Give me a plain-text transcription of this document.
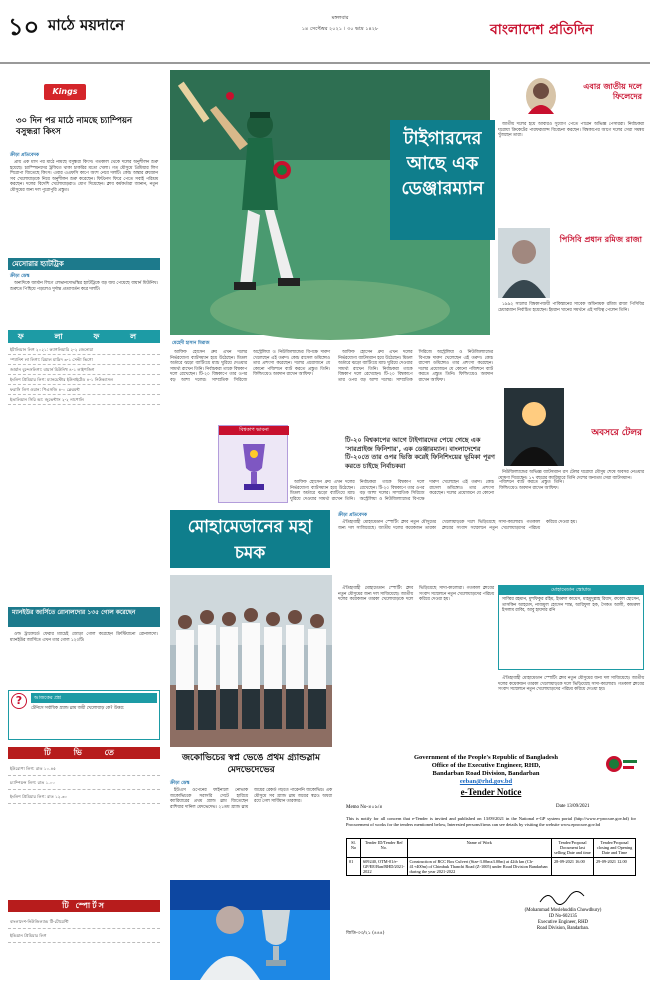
১০ মাঠে ময়দানে	মঙ্গলবার
১৪ সেপ্টেম্বর ২০২১ । ৩০ ভাদ্র ১৪২৮	বাংলাদেশ প্রতিদিন
Kings
৩০ দিন পর মাঠে নামছে চ্যাম্পিয়ন বসুন্ধরা কিংস
ক্রীড়া প্রতিবেদক

প্রায় এক মাস পর মাঠে নামছে বসুন্ধরা কিংস। গতকাল থেকে দলের অনুশীলন শুরু হয়েছে। চ্যাম্পিয়নদের ট্রফিতে থাকা চাকরির মতো খেলা। গত মৌসুমে প্রিমিয়ার লিগ শিরোপা জিতেছে কিংস। এবার এএফসি কাপে অংশ নেবে দলটি। কোচ অস্কার ব্রুজোন সব খেলোয়াড়কে নিয়ে অনুশীলন শুরু করেছেন। ফিটনেস ফিরে পেতে সবাই পরিশ্রম করছেন। দলের বিদেশি খেলোয়াড়রাও যোগ দিয়েছেন। ক্লাব কর্মকর্তারা জানান, নতুন মৌসুমের জন্য দল পুরোপুরি প্রস্তুত।

মেসোরার হ্যাটট্রিক
ক্রীড়া ডেস্ক

অন্যদিকে জার্মান লিগে লেভানদোভস্কির হ্যাটট্রিকে বড় জয় পেয়েছে বায়ার্ন মিউনিখ। শুরুতে পিছিয়ে পড়লেও দুর্দান্ত প্রত্যাবর্তন করে দলটি।

ফ লা ফ ল
ইটালিয়ান লিগ ২০২১: ক্যাগলিয়ারি ২-২ জেনোয়া
স্প্যানিশ লা লিগা: রিয়াল মাদ্রিদ ৩-১ সেল্টা ভিগো
জার্মান বুন্দেসলিগা: বায়ার্ন মিউনিখ ৪-১ লাইপজিগ
ইংলিশ প্রিমিয়ার লিগ: ম্যানচেস্টার ইউনাইটেড ৪-১ নিউক্যাসল
ফরাসি লিগ ওয়ান: পিএসজি ৪-০ ক্লেরমন্ট
ইতালিয়ান সিরি আ: জুভেন্টাস ২-২ নাপোলি
ম্যানইউর জার্সিতে রোনালদোর ১৩৫ গোল করেছেন

ওল্ড ট্রাফোর্ডে ফেরার ম্যাচেই জোড়া গোল করেছেন ক্রিস্টিয়ানো রোনালদো। ম্যানইউর জার্সিতে এখন তার গোল ১২০টি।

?	আজকের প্রশ্ন
টেনিসে সর্বাধিক গ্র্যান্ড স্লাম জয়ী খেলোয়াড় কে? উত্তর:
টি ভি তে
ইউরোপা লিগ: রাত ১০.৪৫
চ্যাম্পিয়ন্স লিগ: রাত ১.০০
ইংলিশ প্রিমিয়ার লিগ: রাত ১২.৩০
টি স্পোর্টস
বাংলাদেশ-নিউজিল্যান্ড টি-টোয়েন্টি
ইন্ডিয়ান প্রিমিয়ার লিগ
টাইগারদের আছে এক ডেঞ্জারম্যান
মেহেদী হাসান মিরাজ

আফিফ হোসেন ধ্রুব এখন দলের নির্ভরযোগ্য ব্যাটসম্যান হয়ে উঠেছেন। মিডল অর্ডারে ঝড়ো ব্যাটিংয়ে ম্যাচ ঘুরিয়ে দেওয়ার সামর্থ্য রাখেন তিনি। নির্বাচকরা তাকে বিশ্বকাপ দলে রেখেছেন। টি-২০ বিশ্বকাপে তার ওপর বড় আশা দলের। সাম্প্রতিক সিরিজে অস্ট্রেলিয়া ও নিউজিল্যান্ডের বিপক্ষে দারুণ খেলেছেন এই তরুণ। কোচ রাসেল ডমিঙ্গোও তার প্রশংসা করেছেন। দলের প্রয়োজনে যে কোনো পজিশনে ব্যাট করতে প্রস্তুত তিনি। ফিল্ডিংয়েও অবদান রাখেন আফিফ।

আফিফ হোসেন ধ্রুব এখন দলের নির্ভরযোগ্য ব্যাটসম্যান হয়ে উঠেছেন। মিডল অর্ডারে ঝড়ো ব্যাটিংয়ে ম্যাচ ঘুরিয়ে দেওয়ার সামর্থ্য রাখেন তিনি। নির্বাচকরা তাকে বিশ্বকাপ দলে রেখেছেন। টি-২০ বিশ্বকাপে তার ওপর বড় আশা দলের। সাম্প্রতিক সিরিজে অস্ট্রেলিয়া ও নিউজিল্যান্ডের বিপক্ষে দারুণ খেলেছেন এই তরুণ। কোচ রাসেল ডমিঙ্গোও তার প্রশংসা করেছেন। দলের প্রয়োজনে যে কোনো পজিশনে ব্যাট করতে প্রস্তুত তিনি। ফিল্ডিংয়েও অবদান রাখেন আফিফ।

বিশ্বকাপ ভাবনা
টি-২০ বিশ্বকাপের আগে টাইগারদের পেয়ে গেছে এক 'সারপ্রাইজ ফিনিশার', এক ডেঞ্জারম্যান। বাংলাদেশের টি-২০তে তার ওপর ভিত্তি করেই ফিনিশিংয়ের ভূমিকা পূরণ করতে চাইছে নির্বাচকরা

আফিফ হোসেন ধ্রুব এখন দলের নির্ভরযোগ্য ব্যাটসম্যান হয়ে উঠেছেন। মিডল অর্ডারে ঝড়ো ব্যাটিংয়ে ম্যাচ ঘুরিয়ে দেওয়ার সামর্থ্য রাখেন তিনি। নির্বাচকরা তাকে বিশ্বকাপ দলে রেখেছেন। টি-২০ বিশ্বকাপে তার ওপর বড় আশা দলের। সাম্প্রতিক সিরিজে অস্ট্রেলিয়া ও নিউজিল্যান্ডের বিপক্ষে দারুণ খেলেছেন এই তরুণ। কোচ রাসেল ডমিঙ্গোও তার প্রশংসা করেছেন। দলের প্রয়োজনে যে কোনো পজিশনে ব্যাট করতে প্রস্তুত তিনি। ফিল্ডিংয়েও অবদান রাখেন আফিফ।

এবার জাতীয় দলে ফিলেদের

জাতীয় দলের হয়ে আবারও সুযোগ পেতে পারেন অভিজ্ঞ পেসাররা। নির্বাচকরা ঘরোয়া ক্রিকেটের পারফরম্যান্স বিবেচনা করছেন। বিশ্বকাপের আগে দলের সেরা সমন্বয় খুঁজছেন তারা।

পিসিবি প্রধান রমিজ রাজা

১৯৯২ সালের বিশ্বকাপজয়ী পাকিস্তানের সাবেক অধিনায়ক রমিজ রাজা পিসিবির চেয়ারম্যান নির্বাচিত হয়েছেন। ইমরান খানের সমর্থনে এই দায়িত্ব পেলেন তিনি।

অবসরে টেলর

নিউজিল্যান্ডের অভিজ্ঞ ব্যাটসম্যান রস টেলর ঘরোয়া মৌসুম শেষে অবসর নেওয়ার ঘোষণা দিয়েছেন। ১৭ বছরের ক্যারিয়ারে তিনি দেশের অন্যতম সেরা ব্যাটসম্যান।

মোহামেডানের মহা চমক
ক্রীড়া প্রতিবেদক

ঐতিহ্যবাহী মোহামেডান স্পোর্টিং ক্লাব নতুন মৌসুমের জন্য দল সাজিয়েছে। জাতীয় দলের কয়েকজন তারকা খেলোয়াড়কে দলে ভিড়িয়েছে সাদা-কালোরা। গতকাল ক্লাবের সংবাদ সম্মেলনে নতুন খেলোয়াড়দের পরিচয় করিয়ে দেওয়া হয়।

ঐতিহ্যবাহী মোহামেডান স্পোর্টিং ক্লাব নতুন মৌসুমের জন্য দল সাজিয়েছে। জাতীয় দলের কয়েকজন তারকা খেলোয়াড়কে দলে ভিড়িয়েছে সাদা-কালোরা। গতকাল ক্লাবের সংবাদ সম্মেলনে নতুন খেলোয়াড়দের পরিচয় করিয়ে দেওয়া হয়।

মোহামেডান স্কোয়াড
সাব্বির রহমান, মুশফিকুর রহিম, ইমরুল কায়েস, মাহমুদুল্লাহ রিয়াদ, রুবেল হোসেন, তাসকিন আহমেদ, নাজমুল হোসেন শান্ত, আরিফুল হক, সৈকত আলী, কামরুল ইসলাম রাব্বি, আবু হায়দার রনি

ঐতিহ্যবাহী মোহামেডান স্পোর্টিং ক্লাব নতুন মৌসুমের জন্য দল সাজিয়েছে। জাতীয় দলের কয়েকজন তারকা খেলোয়াড়কে দলে ভিড়িয়েছে সাদা-কালোরা। গতকাল ক্লাবের সংবাদ সম্মেলনে নতুন খেলোয়াড়দের পরিচয় করিয়ে দেওয়া হয়।

জকোভিচের স্বপ্ন ভেঙে প্রথম গ্র্যান্ডস্লাম মেদভেদেভের
ক্রীড়া ডেস্ক

ইউএস ওপেনের ফাইনালে নোভাক জকোভিচকে সরাসরি সেটে হারিয়ে ক্যারিয়ারের প্রথম গ্র্যান্ড স্লাম জিতেছেন রাশিয়ার দানিল মেদভেদেভ। ২১তম গ্র্যান্ড স্লাম জয়ের রেকর্ড গড়তে পারেননি জকোভিচ। এক মৌসুমে সব গ্র্যান্ড স্লাম জয়ের স্বপ্নও অধরা রয়ে গেল সার্বিয়ান তারকার।

Government of the People's Republic of Bangladesh
Office of the Executive Engineer, RHD,
Bandarban Road Division, Bandarban
eeban@rhd.gov.bd
e-Tender Notice
Memo No-৪০৯/৪	Date 13/09/2021
This is notify for all concern that e-Tender is invited and published on 13/09/2021 in the National e-GP system portal (http://www.e-procure.gov.bd) for Procurement of works for the tenders mentioned below, Interested persons/firms can see details by visiting the website www.eprocure.gov.bd
Sl. No	Tender ID/Tender Ref No.	Name of Work	Tender/Proposal Document last selling Date and time	Tender/Proposal closing and Opening Date and Time
01	609240, OTM-01/e-GP/EE/Ban/RHD/2021-2022	Construction of RCC Box Culvert (Size-3.00mx3.00m) at 42th km (Ch-41+400m) of Chimbuk Thanchi Road (Z-1005) under Road Division Bandarban during the year 2021-2022	28-09-2021 16.00	29-09-2021 12.00
(Mohammad Moslehuddin Chowdhury)
ID No-602135
Executive Engineer, RHD
Road Division, Bandarban.
জিডি-৩৩/২১ (৪৪৪)
